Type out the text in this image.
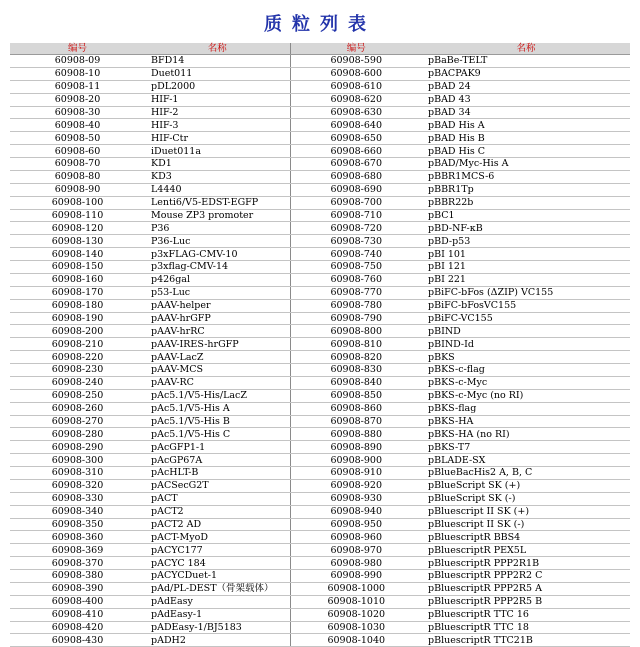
质粒列表
编号	名称	编号	名称
60908-09	BFD14	60908-590	pBaBe-TELT
60908-10	Duet011	60908-600	pBACPAK9
60908-11	pDL2000	60908-610	pBAD 24
60908-20	HIF-1	60908-620	pBAD 43
60908-30	HIF-2	60908-630	pBAD 34
60908-40	HIF-3	60908-640	pBAD His A
60908-50	HIF-Ctr	60908-650	pBAD His B
60908-60	iDuet011a	60908-660	pBAD His C
60908-70	KD1	60908-670	pBAD/Myc-His A
60908-80	KD3	60908-680	pBBR1MCS-6
60908-90	L4440	60908-690	pBBR1Tp
60908-100	Lenti6/V5-EDST-EGFP	60908-700	pBBR22b
60908-110	Mouse ZP3 promoter	60908-710	pBC1
60908-120	P36	60908-720	pBD-NF-κB
60908-130	P36-Luc	60908-730	pBD-p53
60908-140	p3xFLAG-CMV-10	60908-740	pBI 101
60908-150	p3xflag-CMV-14	60908-750	pBI 121
60908-160	p426gal	60908-760	pBI 221
60908-170	p53-Luc	60908-770	pBiFC-bFos (ΔZIP) VC155
60908-180	pAAV-helper	60908-780	pBiFC-bFosVC155
60908-190	pAAV-hrGFP	60908-790	pBiFC-VC155
60908-200	pAAV-hrRC	60908-800	pBIND
60908-210	pAAV-IRES-hrGFP	60908-810	pBIND-Id
60908-220	pAAV-LacZ	60908-820	pBKS
60908-230	pAAV-MCS	60908-830	pBKS-c-flag
60908-240	pAAV-RC	60908-840	pBKS-c-Myc
60908-250	pAc5.1/V5-His/LacZ	60908-850	pBKS-c-Myc (no RI)
60908-260	pAc5.1/V5-His A	60908-860	pBKS-flag
60908-270	pAc5.1/V5-His B	60908-870	pBKS-HA
60908-280	pAc5.1/V5-His C	60908-880	pBKS-HA (no RI)
60908-290	pAcGFP1-1	60908-890	pBKS-T7
60908-300	pAcGP67A	60908-900	pBLADE-SX
60908-310	pAcHLT-B	60908-910	pBlueBacHis2 A, B, C
60908-320	pACSecG2T	60908-920	pBlueScript SK (+)
60908-330	pACT	60908-930	pBlueScript SK (-)
60908-340	pACT2	60908-940	pBluescript II SK (+)
60908-350	pACT2 AD	60908-950	pBluescript II SK (-)
60908-360	pACT-MyoD	60908-960	pBluescriptR BBS4
60908-369	pACYC177	60908-970	pBluescriptR PEX5L
60908-370	pACYC 184	60908-980	pBluescriptR PPP2R1B
60908-380	pACYCDuet-1	60908-990	pBluescriptR PPP2R2 C
60908-390	pAd/PL-DEST（骨架载体）	60908-1000	pBluescriptR PPP2R5 A
60908-400	pAdEasy	60908-1010	pBluescriptR PPP2R5 B
60908-410	pAdEasy-1	60908-1020	pBluescriptR TTC 16
60908-420	pADEasy-1/BJ5183	60908-1030	pBluescriptR TTC 18
60908-430	pADH2	60908-1040	pBluescriptR TTC21B
